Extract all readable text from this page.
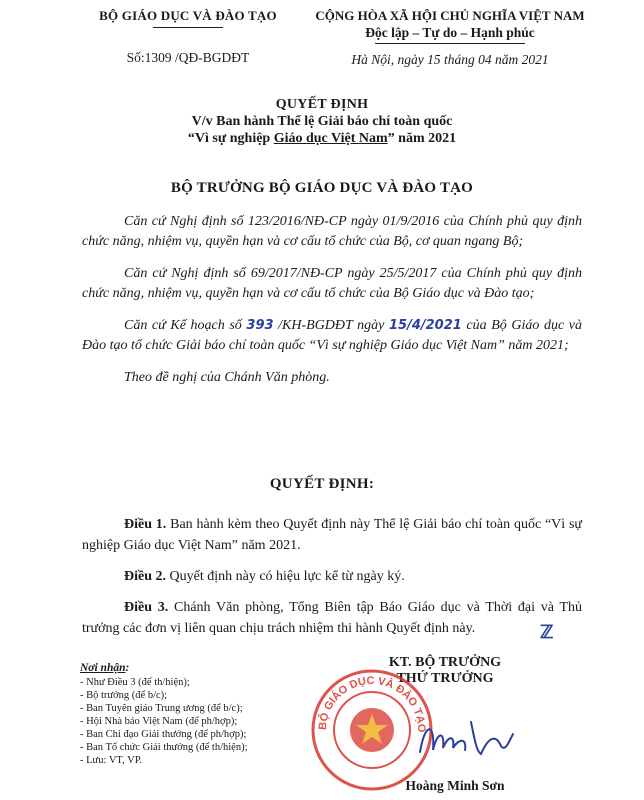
BỘ GIÁO DỤC VÀ ĐÀO TẠO
Số:1309 /QĐ-BGDĐT
CỘNG HÒA XÃ HỘI CHỦ NGHĨA VIỆT NAM
Độc lập – Tự do – Hạnh phúc
Hà Nội, ngày 15 tháng 04 năm 2021
QUYẾT ĐỊNH
V/v Ban hành Thể lệ Giải báo chí toàn quốc
“Vì sự nghiệp Giáo dục Việt Nam” năm 2021
BỘ TRƯỞNG BỘ GIÁO DỤC VÀ ĐÀO TẠO

Căn cứ Nghị định số 123/2016/NĐ-CP ngày 01/9/2016 của Chính phủ quy định chức năng, nhiệm vụ, quyền hạn và cơ cấu tổ chức của Bộ, cơ quan ngang Bộ;

Căn cứ Nghị định số 69/2017/NĐ-CP ngày 25/5/2017 của Chính phủ quy định chức năng, nhiệm vụ, quyền hạn và cơ cấu tổ chức của Bộ Giáo dục và Đào tạo;

Căn cứ Kế hoạch số 393 /KH-BGDĐT ngày 15/4/2021 của Bộ Giáo dục và Đào tạo tổ chức Giải báo chí toàn quốc “Vì sự nghiệp Giáo dục Việt Nam” năm 2021;

Theo đề nghị của Chánh Văn phòng.

QUYẾT ĐỊNH:

Điều 1. Ban hành kèm theo Quyết định này Thể lệ Giải báo chí toàn quốc “Vì sự nghiệp Giáo dục Việt Nam” năm 2021.

Điều 2. Quyết định này có hiệu lực kể từ ngày ký.

Điều 3. Chánh Văn phòng, Tổng Biên tập Báo Giáo dục và Thời đại và Thủ trưởng các đơn vị liên quan chịu trách nhiệm thi hành Quyết định này.	ℤ
Nơi nhận:
- Như Điều 3 (để th/hiện);
- Bộ trưởng (để b/c);
- Ban Tuyên giáo Trung ương (để b/c);
- Hội Nhà báo Việt Nam (để ph/hợp);
- Ban Chỉ đạo Giải thưởng (để ph/hợp);
- Ban Tổ chức Giải thưởng (để th/hiện);
- Lưu: VT, VP.
KT. BỘ TRƯỞNG
THỨ TRƯỞNG
BỘ GIÁO DỤC VÀ ĐÀO TẠO
Hoàng Minh Sơn
